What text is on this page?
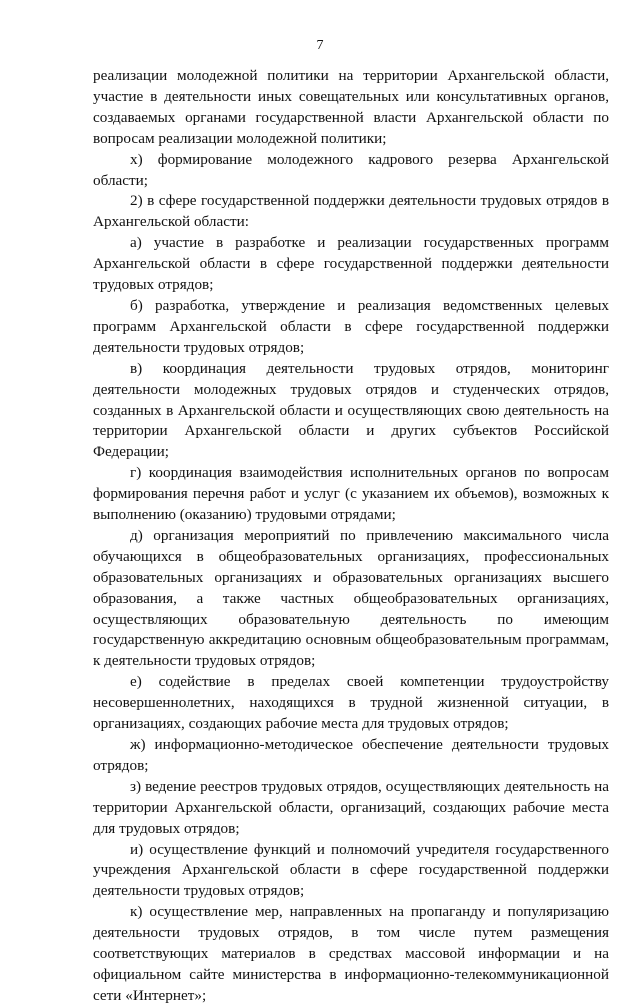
7

реализации молодежной политики на территории Архангельской области, участие в деятельности иных совещательных или консультативных органов, создаваемых органами государственной власти Архангельской области по вопросам реализации молодежной политики;

х) формирование молодежного кадрового резерва Архангельской области;

2) в сфере государственной поддержки деятельности трудовых отрядов в Архангельской области:

а) участие в разработке и реализации государственных программ Архангельской области в сфере государственной поддержки деятельности трудовых отрядов;

б) разработка, утверждение и реализация ведомственных целевых программ Архангельской области в сфере государственной поддержки деятельности трудовых отрядов;

в) координация деятельности трудовых отрядов, мониторинг деятельности молодежных трудовых отрядов и студенческих отрядов, созданных в Архангельской области и осуществляющих свою деятельность на территории Архангельской области и других субъектов Российской Федерации;

г) координация взаимодействия исполнительных органов по вопросам формирования перечня работ и услуг (с указанием их объемов), возможных к выполнению (оказанию) трудовыми отрядами;

д) организация мероприятий по привлечению максимального числа обучающихся в общеобразовательных организациях, профессиональных образовательных организациях и образовательных организациях высшего образования, а также частных общеобразовательных организациях, осуществляющих образовательную деятельность по имеющим государственную аккредитацию основным общеобразовательным программам, к деятельности трудовых отрядов;

е) содействие в пределах своей компетенции трудоустройству несовершеннолетних, находящихся в трудной жизненной ситуации, в организациях, создающих рабочие места для трудовых отрядов;

ж) информационно-методическое обеспечение деятельности трудовых отрядов;

з) ведение реестров трудовых отрядов, осуществляющих деятельность на территории Архангельской области, организаций, создающих рабочие места для трудовых отрядов;

и) осуществление функций и полномочий учредителя государственного учреждения Архангельской области в сфере государственной поддержки деятельности трудовых отрядов;

к) осуществление мер, направленных на пропаганду и популяризацию деятельности трудовых отрядов, в том числе путем размещения соответствующих материалов в средствах массовой информации и на официальном сайте министерства в информационно-телекоммуникационной сети «Интернет»;
